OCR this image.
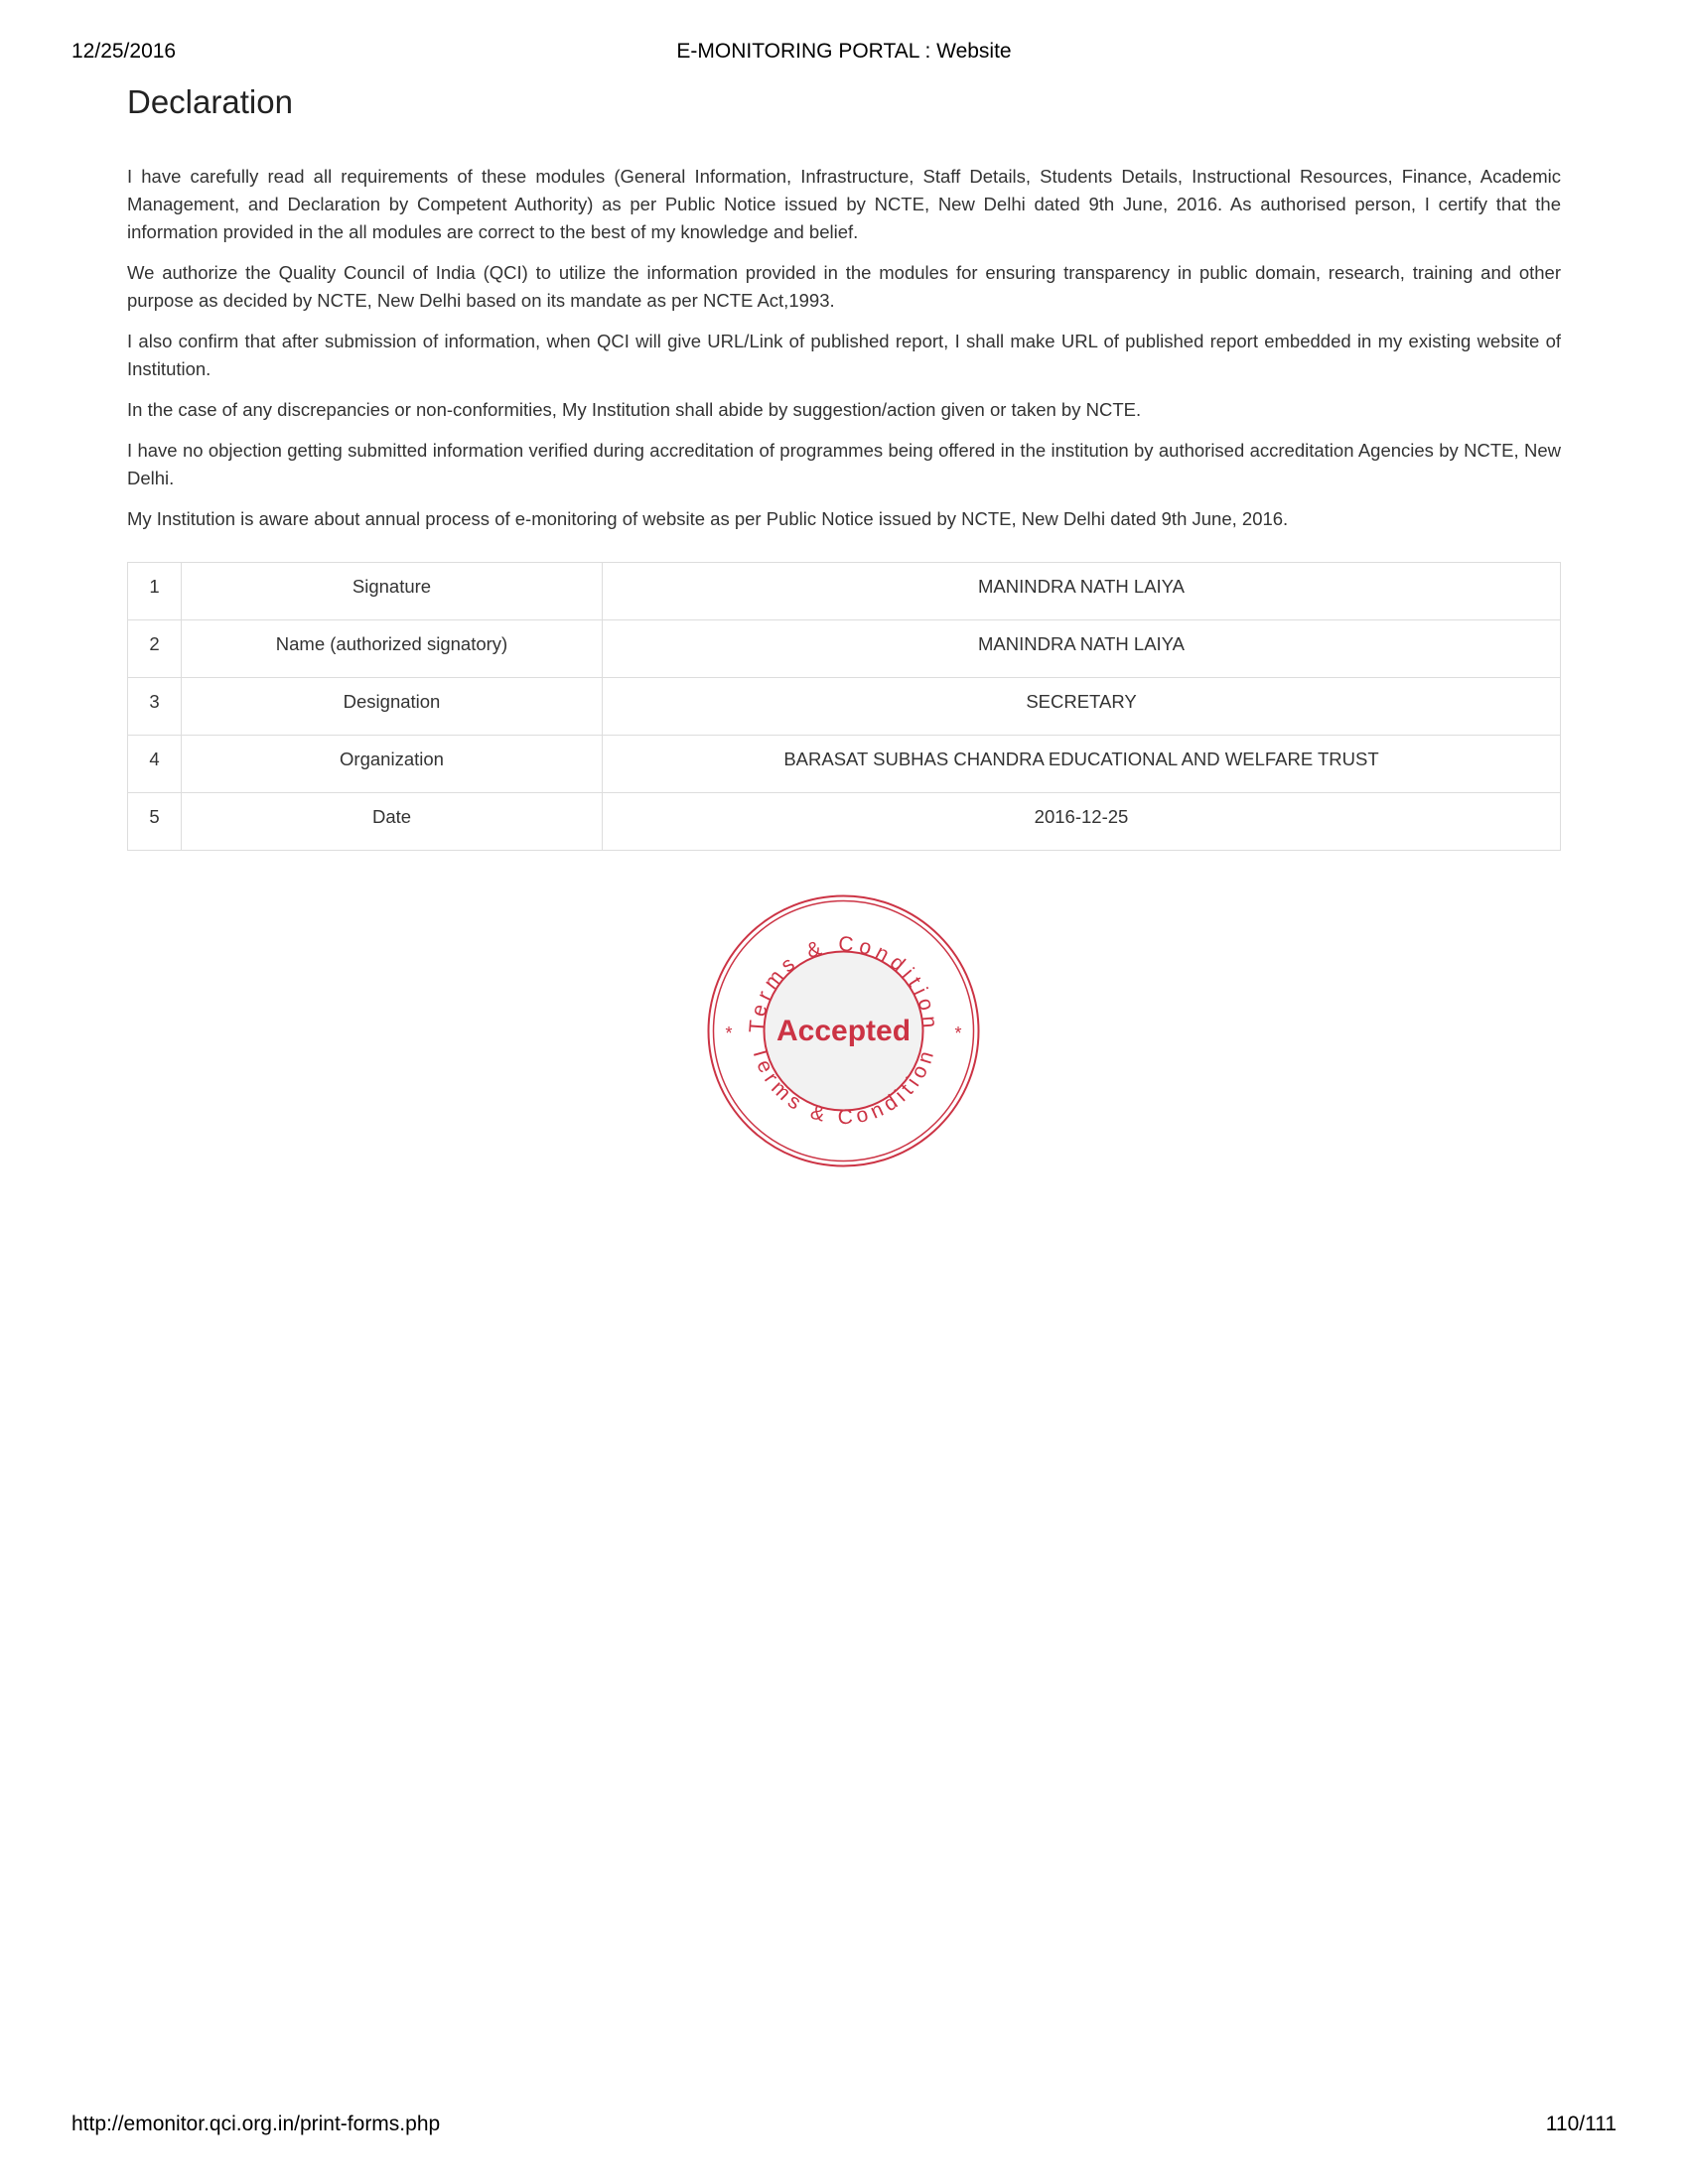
12/25/2016	E-MONITORING PORTAL : Website
Declaration

I have carefully read all requirements of these modules (General Information, Infrastructure, Staff Details, Students Details, Instructional Resources, Finance, Academic Management, and Declaration by Competent Authority) as per Public Notice issued by NCTE, New Delhi dated 9th June, 2016. As authorised person, I certify that the information provided in the all modules are correct to the best of my knowledge and belief.

We authorize the Quality Council of India (QCI) to utilize the information provided in the modules for ensuring transparency in public domain, research, training and other purpose as decided by NCTE, New Delhi based on its mandate as per NCTE Act,1993.

I also confirm that after submission of information, when QCI will give URL/Link of published report, I shall make URL of published report embedded in my existing website of Institution.

In the case of any discrepancies or non-conformities, My Institution shall abide by suggestion/action given or taken by NCTE.

I have no objection getting submitted information verified during accreditation of programmes being offered in the institution by authorised accreditation Agencies by NCTE, New Delhi.

My Institution is aware about annual process of e-monitoring of website as per Public Notice issued by NCTE, New Delhi dated 9th June, 2016.

1	Signature	MANINDRA NATH LAIYA
2	Name (authorized signatory)	MANINDRA NATH LAIYA
3	Designation	SECRETARY
4	Organization	BARASAT SUBHAS CHANDRA EDUCATIONAL AND WELFARE TRUST
5	Date	2016-12-25
Terms & Condition
Terms & Condition
*	*
Accepted
http://emonitor.qci.org.in/print-forms.php	110/111
